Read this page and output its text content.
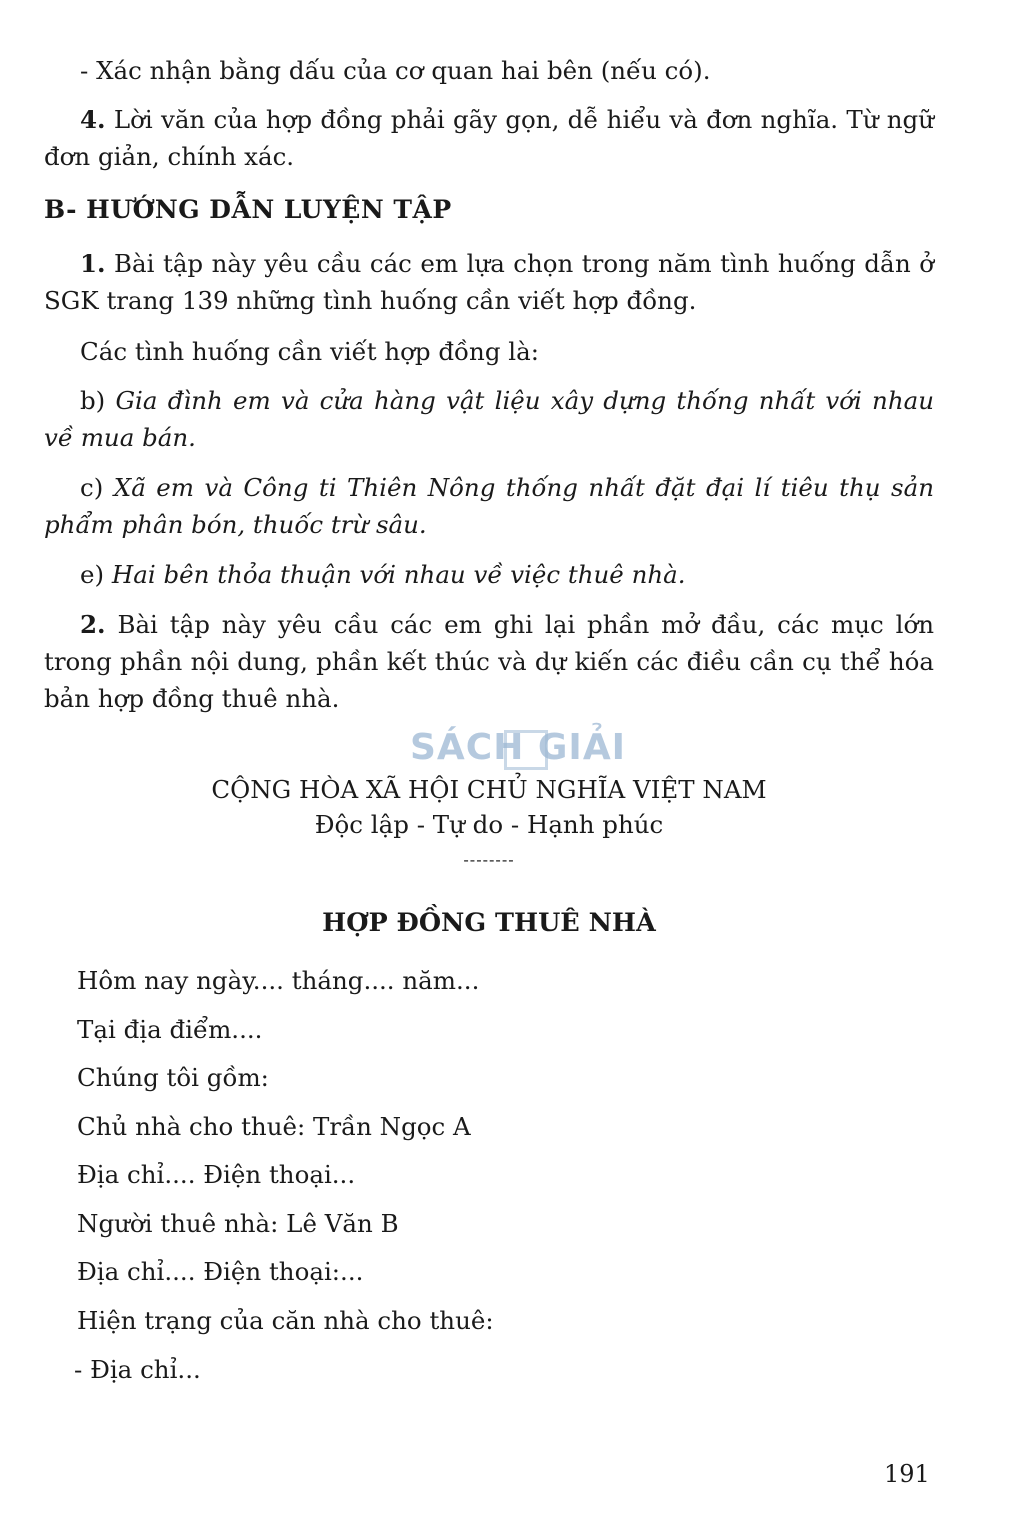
- Xác nhận bằng dấu của cơ quan hai bên (nếu có).

4. Lời văn của hợp đồng phải gãy gọn, dễ hiểu và đơn nghĩa. Từ ngữ đơn giản, chính xác.

B- HƯỚNG DẪN LUYỆN TẬP

1. Bài tập này yêu cầu các em lựa chọn trong năm tình huống dẫn ở SGK trang 139 những tình huống cần viết hợp đồng.

Các tình huống cần viết hợp đồng là:

b) Gia đình em và cửa hàng vật liệu xây dựng thống nhất với nhau về mua bán.

c) Xã em và Công ti Thiên Nông thống nhất đặt đại lí tiêu thụ sản phẩm phân bón, thuốc trừ sâu.

e) Hai bên thỏa thuận với nhau về việc thuê nhà.

2. Bài tập này yêu cầu các em ghi lại phần mở đầu, các mục lớn trong phần nội dung, phần kết thúc và dự kiến các điều cần cụ thể hóa bản hợp đồng thuê nhà.

SÁCH GIẢI
CỘNG HÒA XÃ HỘI CHỦ NGHĨA VIỆT NAM
Độc lập - Tự do - Hạnh phúc
--------
HỢP ĐỒNG THUÊ NHÀ
Hôm nay ngày.... tháng.... năm...
Tại địa điểm....
Chúng tôi gồm:
Chủ nhà cho thuê: Trần Ngọc A
Địa chỉ.... Điện thoại...
Người thuê nhà: Lê Văn B
Địa chỉ.... Điện thoại:...
Hiện trạng của căn nhà cho thuê:
- Địa chỉ...
191
